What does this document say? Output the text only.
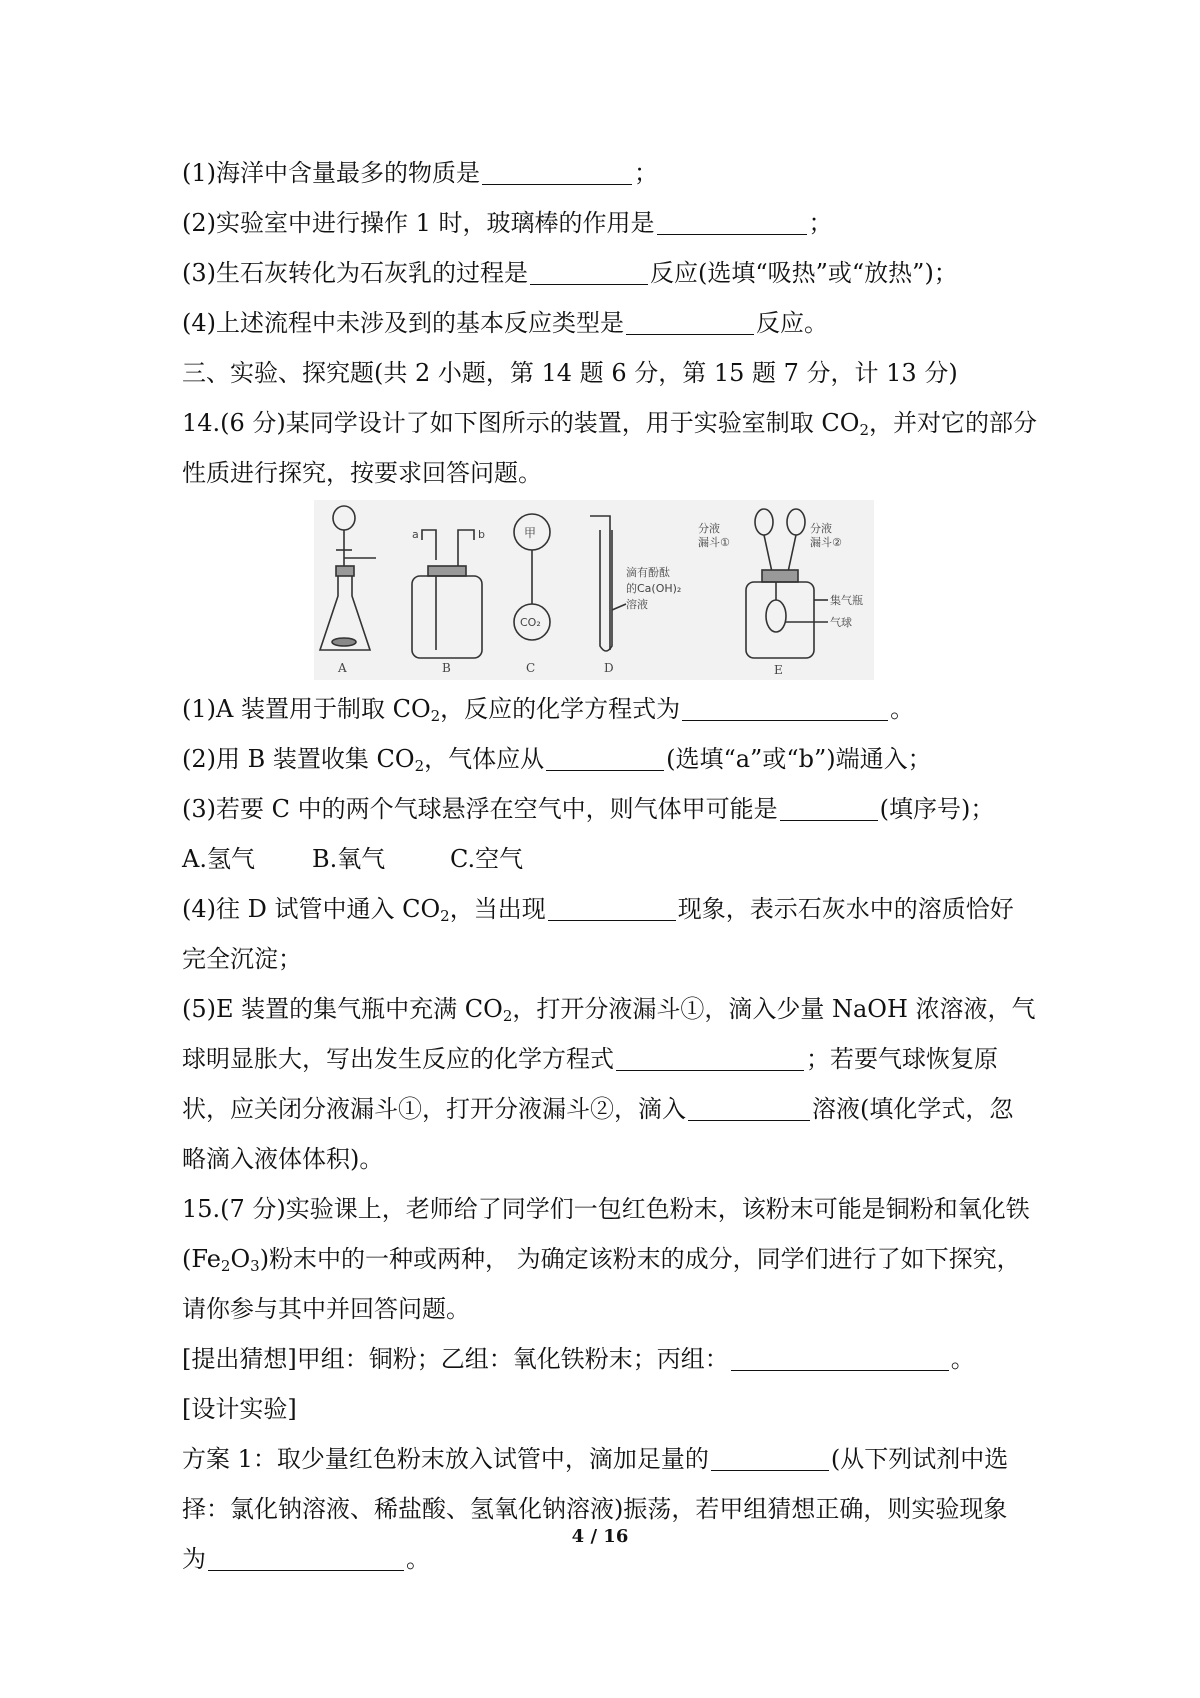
(1)海洋中含量最多的物质是	；
(2)实验室中进行操作 1 时，玻璃棒的作用是	；
(3)生石灰转化为石灰乳的过程是	反应(选填“吸热”或“放热”)；
(4)上述流程中未涉及到的基本反应类型是	反应。
三、实验、探究题(共 2 小题，第 14 题 6 分，第 15 题 7 分，计 13 分)
14.(6 分)某同学设计了如下图所示的装置，用于实验室制取 $CO_2$，并对它的部分
性质进行探究，按要求回答问题。
A
a	b
B
甲
CO₂
C
滴有酚酞
的Ca(OH)₂
溶液
D
分液
漏斗①
分液
漏斗②
集气瓶
气球
E
(1)A 装置用于制取 $CO_2$，反应的化学方程式为	。
(2)用 B 装置收集 $CO_2$，气体应从	(选填“a”或“b”)端通入；
(3)若要 C 中的两个气球悬浮在空气中，则气体甲可能是	(填序号)；
A.氢气 B.氧气	C.空气
(4)往 D 试管中通入 $CO_2$，当出现	现象，表示石灰水中的溶质恰好
完全沉淀；
(5)E 装置的集气瓶中充满 $CO_2$，打开分液漏斗①，滴入少量 NaOH 浓溶液，气
球明显胀大，写出发生反应的化学方程式	；若要气球恢复原
状，应关闭分液漏斗①，打开分液漏斗②，滴入	溶液(填化学式，忽
略滴入液体体积)。
15.(7 分)实验课上，老师给了同学们一包红色粉末，该粉末可能是铜粉和氧化铁
$(Fe_2O_3)$粉末中的一种或两种， 为确定该粉末的成分，同学们进行了如下探究，
请你参与其中并回答问题。
[提出猜想]甲组：铜粉；乙组：氧化铁粉末；丙组：	。
[设计实验]
方案 1：取少量红色粉末放入试管中，滴加足量的	(从下列试剂中选
择：氯化钠溶液、稀盐酸、氢氧化钠溶液)振荡，若甲组猜想正确，则实验现象
为	。
4 / 16
